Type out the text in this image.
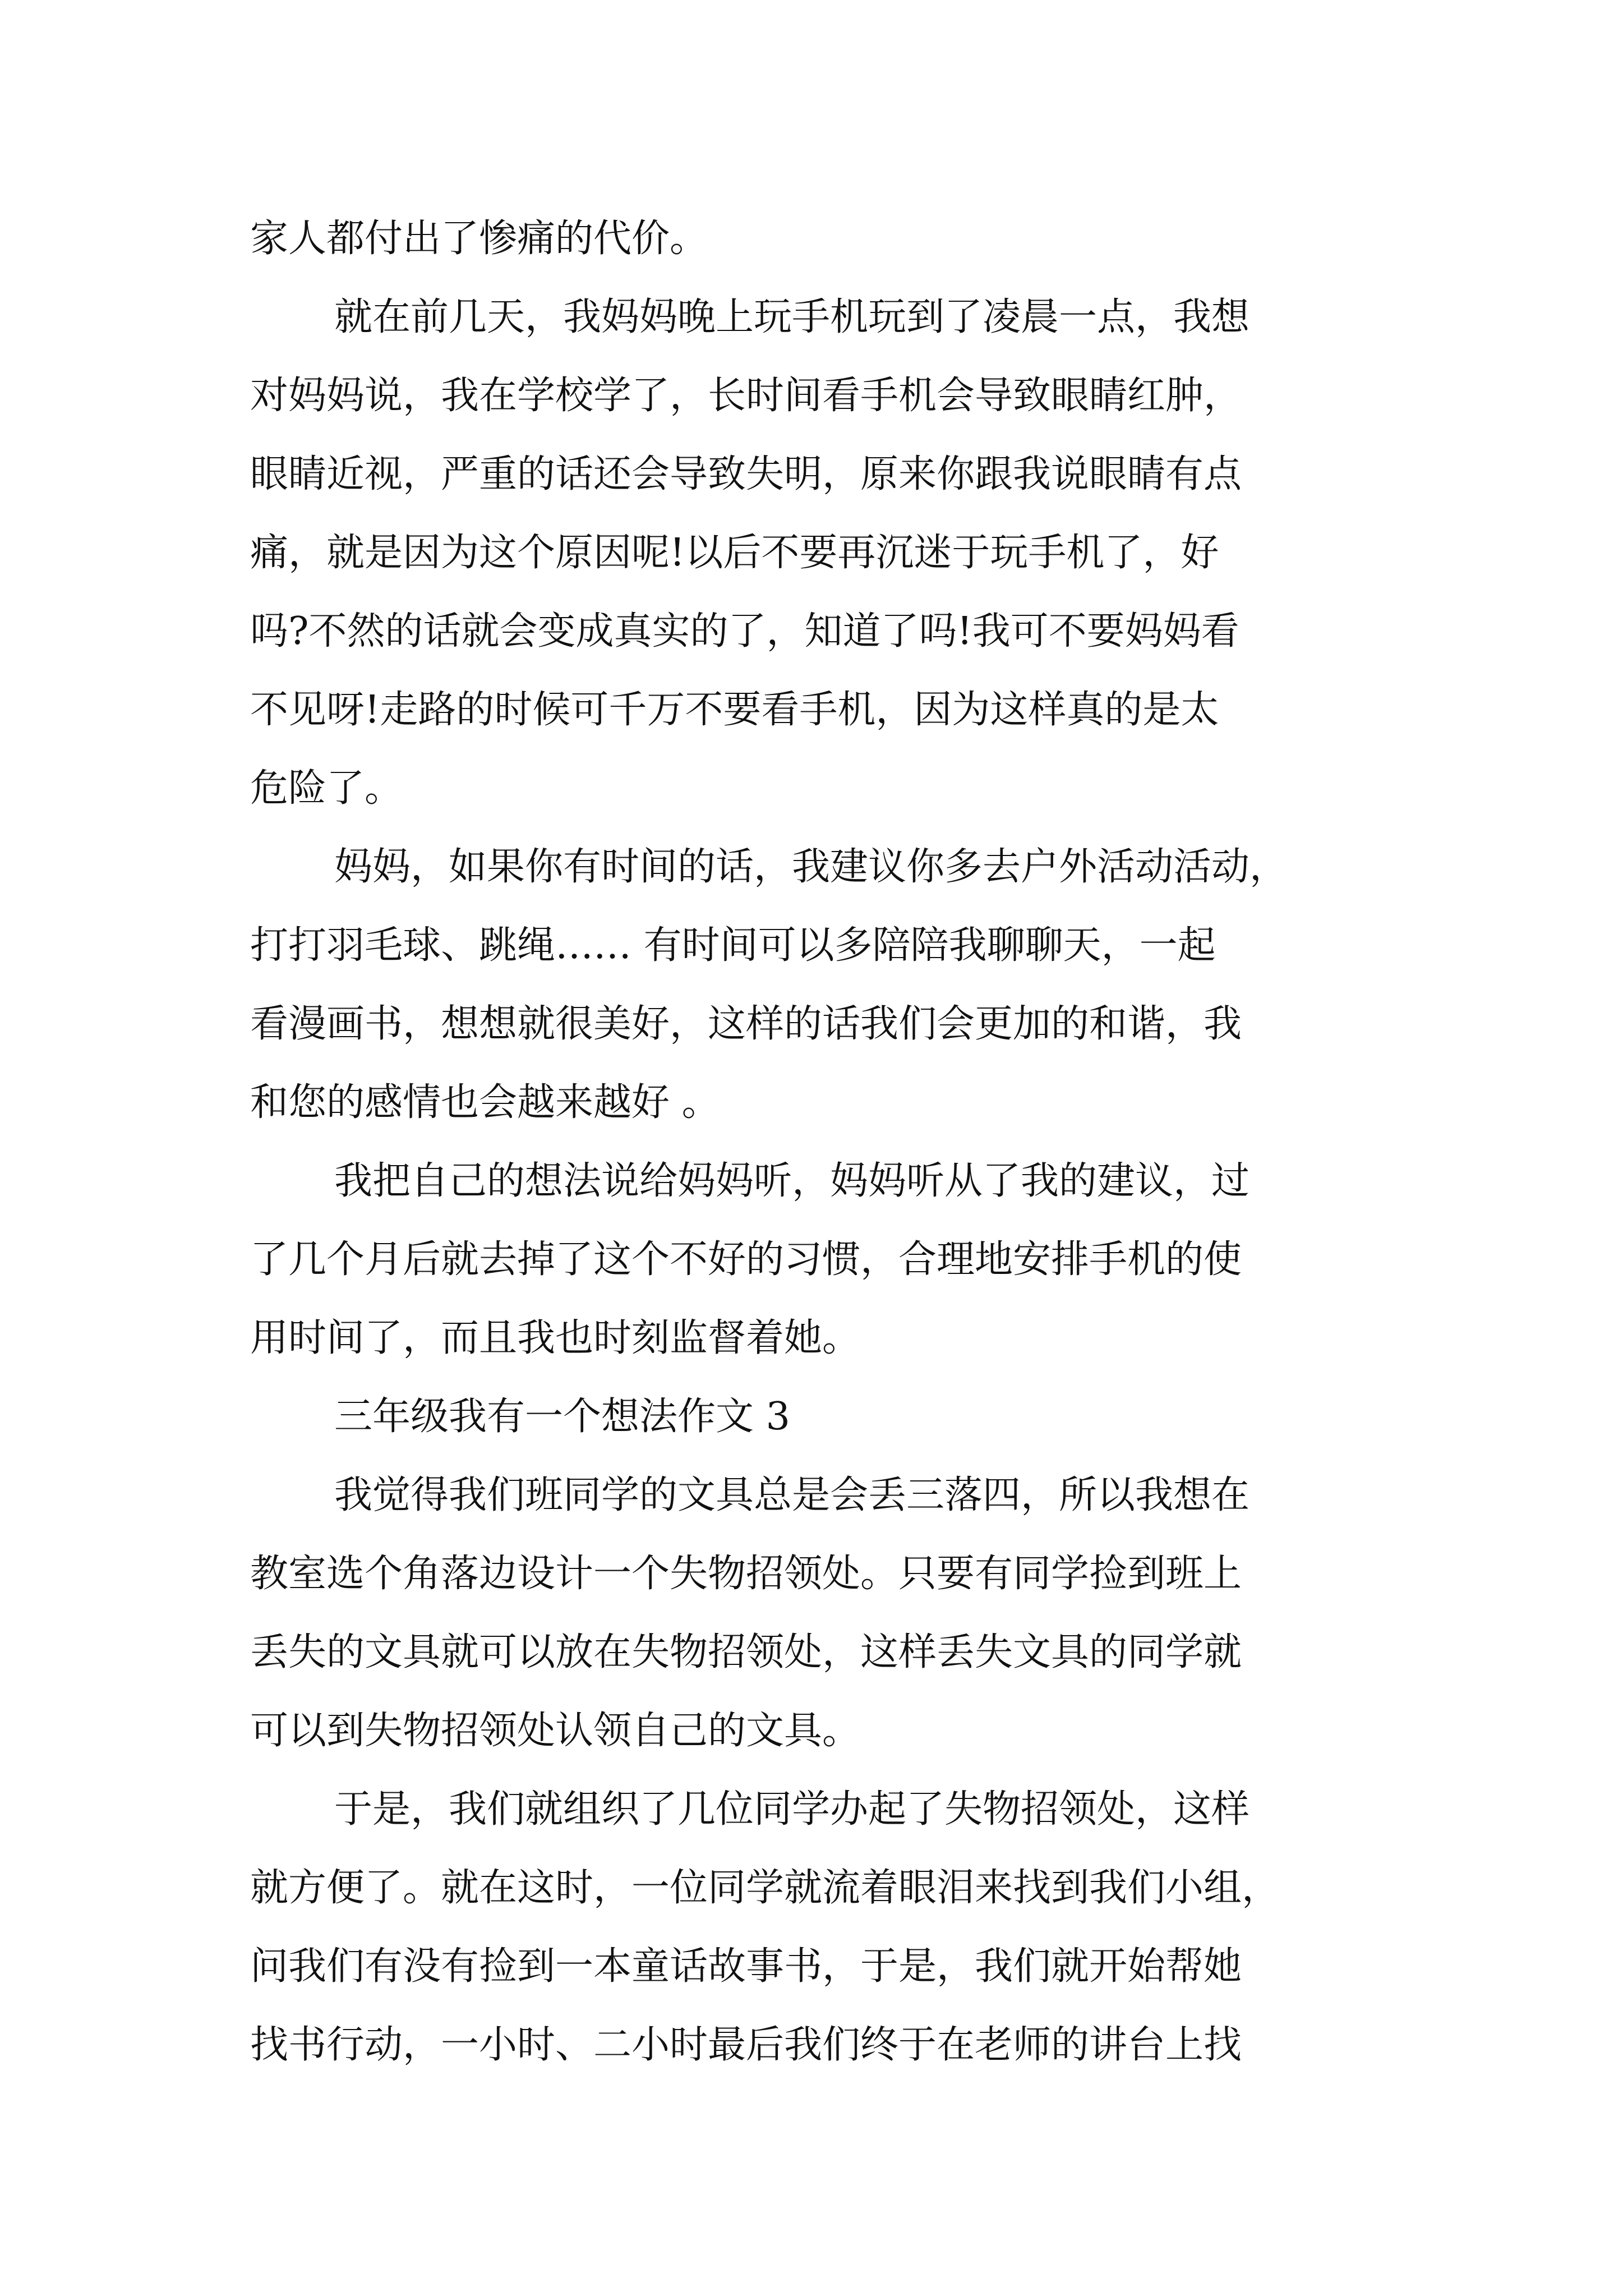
家人都付出了惨痛的代价。
就在前几天，我妈妈晚上玩手机玩到了凌晨一点，我想
对妈妈说，我在学校学了，长时间看手机会导致眼睛红肿，
眼睛近视，严重的话还会导致失明，原来你跟我说眼睛有点
痛，就是因为这个原因呢!以后不要再沉迷于玩手机了，好
吗?不然的话就会变成真实的了，知道了吗!我可不要妈妈看
不见呀!走路的时候可千万不要看手机，因为这样真的是太
危险了。
妈妈，如果你有时间的话，我建议你多去户外活动活动，
打打羽毛球、跳绳…… 有时间可以多陪陪我聊聊天，一起
看漫画书，想想就很美好，这样的话我们会更加的和谐，我
和您的感情也会越来越好 。
我把自己的想法说给妈妈听，妈妈听从了我的建议，过
了几个月后就去掉了这个不好的习惯，合理地安排手机的使
用时间了，而且我也时刻监督着她。
三年级我有一个想法作文 3
我觉得我们班同学的文具总是会丢三落四，所以我想在
教室选个角落边设计一个失物招领处。只要有同学捡到班上
丢失的文具就可以放在失物招领处，这样丢失文具的同学就
可以到失物招领处认领自己的文具。
于是，我们就组织了几位同学办起了失物招领处，这样
就方便了。就在这时，一位同学就流着眼泪来找到我们小组，
问我们有没有捡到一本童话故事书，于是，我们就开始帮她
找书行动，一小时、二小时最后我们终于在老师的讲台上找
